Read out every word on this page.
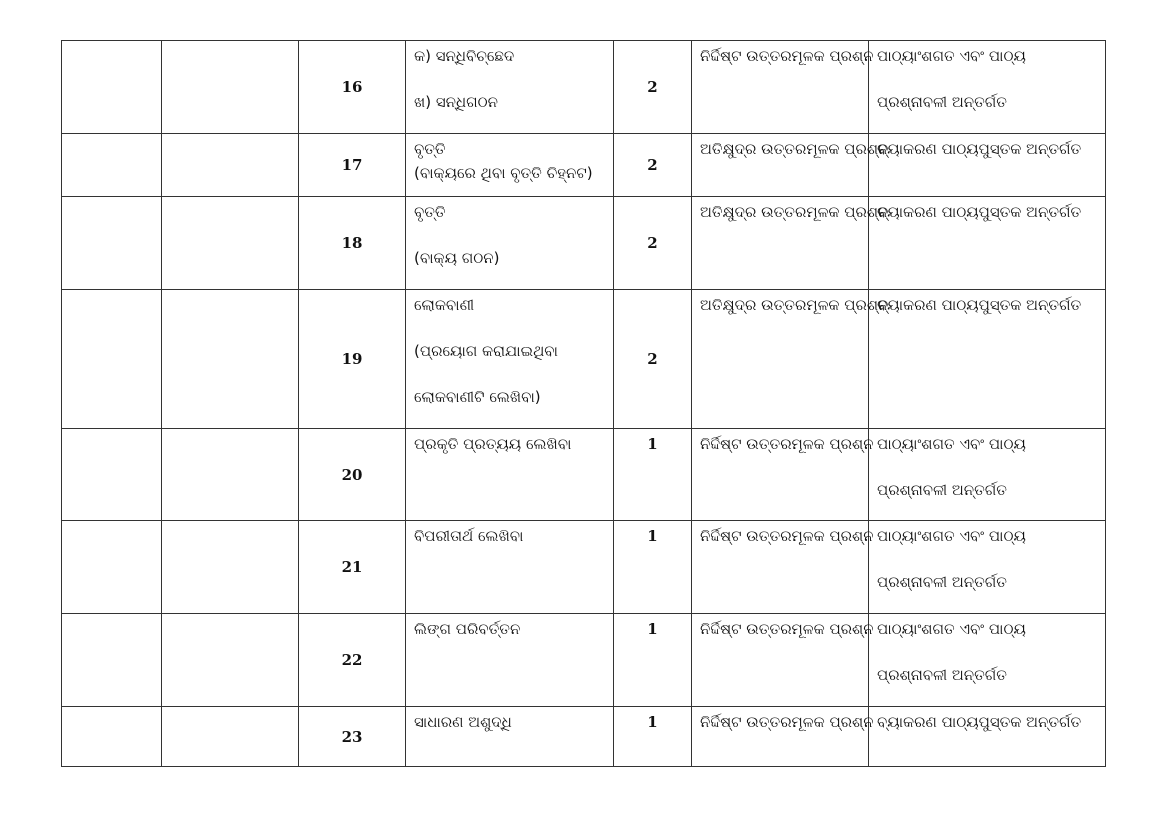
		16	କ) ସନ୍ଧିବିଚ୍ଛେଦ
ଖ) ସନ୍ଧିଗଠନ	2	ନିର୍ଦ୍ଦିଷ୍ଟ ଉତ୍ତରମୂଳକ ପ୍ରଶ୍ନ	ପାଠ୍ୟାଂଶଗତ ଏବଂ ପାଠ୍ୟ
ପ୍ରଶ୍ନାବଳୀ ଅନ୍ତର୍ଗତ

		17	ବୃତ୍ତି
(ବାକ୍ୟରେ ଥିବା ବୃତ୍ତି ଚିହ୍ନଟ)	2	ଅତିକ୍ଷୁଦ୍ର ଉତ୍ତରମୂଳକ ପ୍ରଶ୍ନ	ବ୍ୟାକରଣ ପାଠ୍ୟପୁସ୍ତକ ଅନ୍ତର୍ଗତ

		18	ବୃତ୍ତି
(ବାକ୍ୟ ଗଠନ)	2	ଅତିକ୍ଷୁଦ୍ର ଉତ୍ତରମୂଳକ ପ୍ରଶ୍ନ	ବ୍ୟାକରଣ ପାଠ୍ୟପୁସ୍ତକ ଅନ୍ତର୍ଗତ

		19	ଲୋକବାଣୀ
(ପ୍ରୟୋଗ କରାଯାଇଥିବା
ଲୋକବାଣୀଟି ଲେଖିବା)	2	ଅତିକ୍ଷୁଦ୍ର ଉତ୍ତରମୂଳକ ପ୍ରଶ୍ନ	ବ୍ୟାକରଣ ପାଠ୍ୟପୁସ୍ତକ ଅନ୍ତର୍ଗତ

		20	ପ୍ରକୃତି ପ୍ରତ୍ୟୟ ଲେଖିବା	1	ନିର୍ଦ୍ଦିଷ୍ଟ ଉତ୍ତରମୂଳକ ପ୍ରଶ୍ନ	ପାଠ୍ୟାଂଶଗତ ଏବଂ ପାଠ୍ୟ
ପ୍ରଶ୍ନାବଳୀ ଅନ୍ତର୍ଗତ

		21	ବିପରୀତାର୍ଥ ଲେଖିବା	1	ନିର୍ଦ୍ଦିଷ୍ଟ ଉତ୍ତରମୂଳକ ପ୍ରଶ୍ନ	ପାଠ୍ୟାଂଶଗତ ଏବଂ ପାଠ୍ୟ
ପ୍ରଶ୍ନାବଳୀ ଅନ୍ତର୍ଗତ

		22	ଲିଙ୍ଗ ପରିବର୍ତ୍ତନ	1	ନିର୍ଦ୍ଦିଷ୍ଟ ଉତ୍ତରମୂଳକ ପ୍ରଶ୍ନ	ପାଠ୍ୟାଂଶଗତ ଏବଂ ପାଠ୍ୟ
ପ୍ରଶ୍ନାବଳୀ ଅନ୍ତର୍ଗତ

		23	ସାଧାରଣ ଅଶୁଦ୍ଧି	1	ନିର୍ଦ୍ଦିଷ୍ଟ ଉତ୍ତରମୂଳକ ପ୍ରଶ୍ନ	ବ୍ୟାକରଣ ପାଠ୍ୟପୁସ୍ତକ ଅନ୍ତର୍ଗତ
